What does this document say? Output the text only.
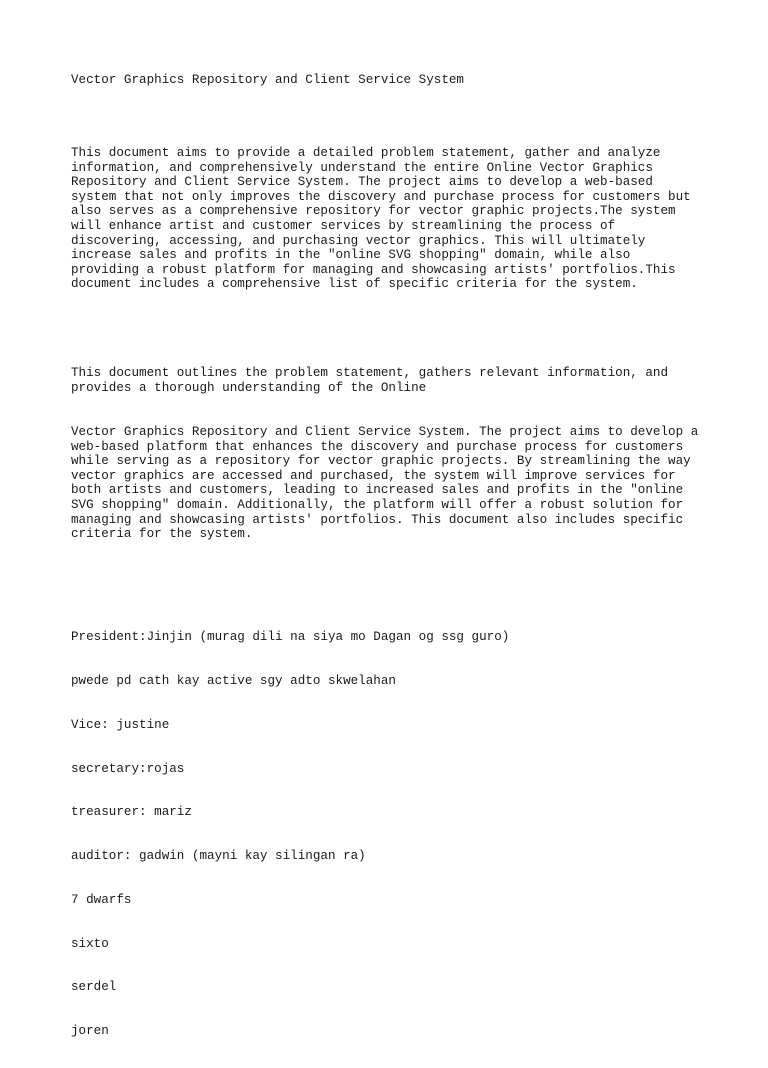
Vector Graphics Repository and Client Service System

This document aims to provide a detailed problem statement, gather and analyze
information, and comprehensively understand the entire Online Vector Graphics
Repository and Client Service System. The project aims to develop a web-based
system that not only improves the discovery and purchase process for customers but
also serves as a comprehensive repository for vector graphic projects.The system
will enhance artist and customer services by streamlining the process of
discovering, accessing, and purchasing vector graphics. This will ultimately
increase sales and profits in the "online SVG shopping" domain, while also
providing a robust platform for managing and showcasing artists' portfolios.This
document includes a comprehensive list of specific criteria for the system.

This document outlines the problem statement, gathers relevant information, and
provides a thorough understanding of the Online

Vector Graphics Repository and Client Service System. The project aims to develop a
web-based platform that enhances the discovery and purchase process for customers
while serving as a repository for vector graphic projects. By streamlining the way
vector graphics are accessed and purchased, the system will improve services for
both artists and customers, leading to increased sales and profits in the "online
SVG shopping" domain. Additionally, the platform will offer a robust solution for
managing and showcasing artists' portfolios. This document also includes specific
criteria for the system.

President:Jinjin (murag dili na siya mo Dagan og ssg guro)

pwede pd cath kay active sgy adto skwelahan

Vice: justine

secretary:rojas

treasurer: mariz

auditor: gadwin (mayni kay silingan ra)

7 dwarfs

sixto

serdel

joren
